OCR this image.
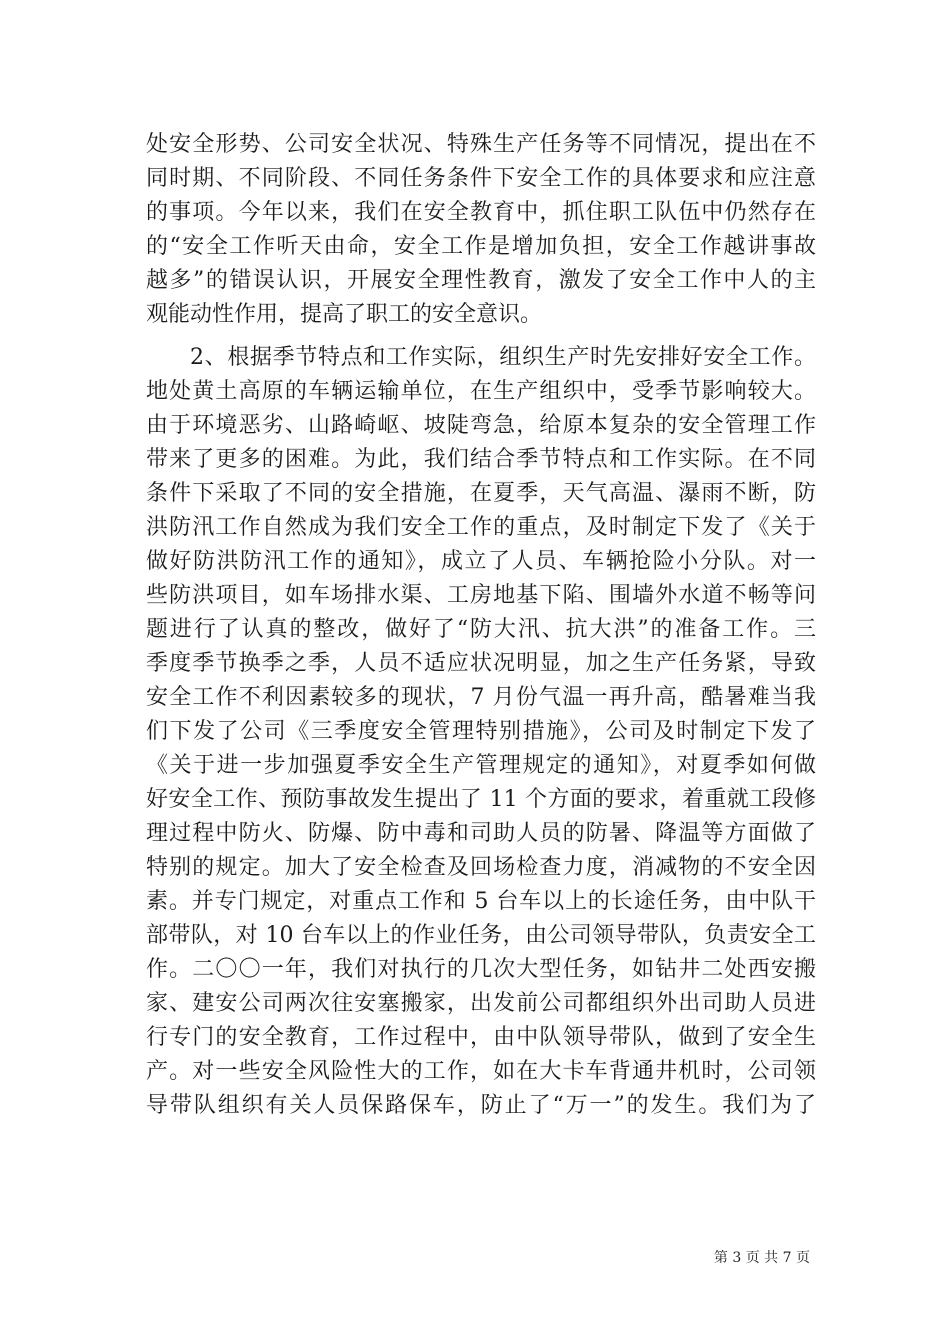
处安全形势、公司安全状况、特殊生产任务等不同情况，提出在不
同时期、不同阶段、不同任务条件下安全工作的具体要求和应注意
的事项。今年以来，我们在安全教育中，抓住职工队伍中仍然存在
的“安全工作听天由命，安全工作是增加负担，安全工作越讲事故
越多”的错误认识，开展安全理性教育，激发了安全工作中人的主
观能动性作用，提高了职工的安全意识。
2、根据季节特点和工作实际，组织生产时先安排好安全工作。
地处黄土高原的车辆运输单位，在生产组织中，受季节影响较大。
由于环境恶劣、山路崎岖、坡陡弯急，给原本复杂的安全管理工作
带来了更多的困难。为此，我们结合季节特点和工作实际。在不同
条件下采取了不同的安全措施，在夏季，天气高温、瀑雨不断，防
洪防汛工作自然成为我们安全工作的重点，及时制定下发了《关于
做好防洪防汛工作的通知》，成立了人员、车辆抢险小分队。对一
些防洪项目，如车场排水渠、工房地基下陷、围墙外水道不畅等问
题进行了认真的整改，做好了“防大汛、抗大洪”的准备工作。三
季度季节换季之季，人员不适应状况明显，加之生产任务紧，导致
安全工作不利因素较多的现状，7 月份气温一再升高，酷暑难当我
们下发了公司《三季度安全管理特别措施》，公司及时制定下发了
《关于进一步加强夏季安全生产管理规定的通知》，对夏季如何做
好安全工作、预防事故发生提出了 11 个方面的要求，着重就工段修
理过程中防火、防爆、防中毒和司助人员的防暑、降温等方面做了
特别的规定。加大了安全检查及回场检查力度，消减物的不安全因
素。并专门规定，对重点工作和 5 台车以上的长途任务，由中队干
部带队，对 10 台车以上的作业任务，由公司领导带队，负责安全工
作。二〇〇一年，我们对执行的几次大型任务，如钻井二处西安搬
家、建安公司两次往安塞搬家，出发前公司都组织外出司助人员进
行专门的安全教育，工作过程中，由中队领导带队，做到了安全生
产。对一些安全风险性大的工作，如在大卡车背通井机时，公司领
导带队组织有关人员保路保车，防止了“万一”的发生。我们为了
第 3 页 共 7 页
